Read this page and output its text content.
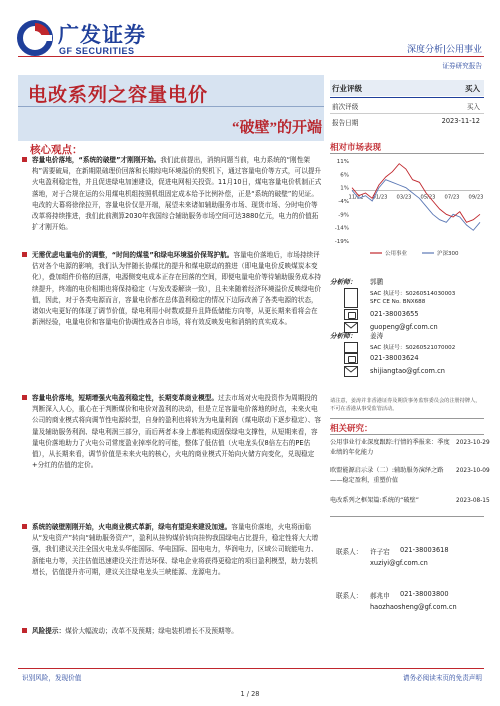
广发证券
GF SECURITIES	深度分析|公用事业
证券研究报告
电改系列之容量电价
“破壁”的开端
行业评级	买入
前次评级	买入
报告日期	2023-11-12
相对市场表现
11%
6%
1%
-4%
-9%
-14%
-19%
11/22 01/23 03/23 05/23 07/23 09/23
公用事业	沪深300
分析师： 郭鹏
SAC 执证号：S0260514030003
SFC CE No. BNX688
021-38003655
guopeng@gf.com.cn
分析师： 姜涛
SAC 执证号：S0260521070002
021-38003624
shijiangtao@gf.com.cn
请注意，姜涛并非香港证券及期货事务监察委员会的注册持牌人，不可在香港从事受监管活动。
相关研究：
公用事业行业深度跟踪:行情的季报来：季度业绩的年化能力
2023-10-29
欧盟能源启示录（二）:辅助服务演绎之路——稳定盈利，重塑价值
2023-10-09
电改系列之框架篇:系统的“破壁”	2023-08-15
联系人： 许子宕 021-38003618
xuziyi@gf.com.cn
联系人： 郝兆申 021-38003800
haozhaosheng@gf.com.cn
核心观点：

容量电价落地，“系统的破壁”才刚刚开始。我们此前提出，消纳问题当前，电力系统的“刚性架构”需要破局，在新期限础理价回落和长期综电环境溢价的契机下，通过容量电价等方式，可以提升火电盈利稳定性，并且促进绿电加速建设，促进电网相关投资。11月10日，煤电容量电价机制正式落地，对于合规在运的公用煤电机组按照机组固定成本给予比例补偿，正是“系统的破壁”的见证。电改的大幕将徐徐拉开，容量电价仅是开端，展望未来诸如辅助服务市场、现货市场、分时电价等改革将持续推进，我们此前测算2030年我国综合辅助服务市场空间可达3880亿元，电力的价值拓扩才刚开始。

无需优虑电量电价的调整，“时间的煤毯”和绿电环境溢价保驾护航。容量电价落地后，市场持续评估对各个电源的影响，我们认为伴随长协煤比的提升和煤电联动的推进（即电量电价反映煤炭本变化），叠加组件价格的回落，电源侧变电成本正存在回落的空间，即便电量电价等待辅助服务成本持续提升，终端的电价相期也将保持稳定（与发改委解读一致），且未来随着经济环境溢价反映绿电价值，因此，对于各类电源而言，容量电价都在总体盈利稳定的情况下边际改善了各类电源的状态，诸如火电更好的体现了调节价值，绿电利用小时数或提升且降低储能方向等，从更长期来看将会在新洲经验，电量电价和容量电价协调性成各自市场，将有效反映发电和消纳的真实成本。

容量电价落地，短期增强火电盈利稳定性，长期变革商业模型。过去市场对火电投资作为周期投的判断深入人心，重心在于判断煤价和电价对盈利的决动，但是立足容量电价落地的时点，未来火电公司的商业模式将向调节性电源转型，自身的盈利也将转为为电量利润（煤电联动下逐步稳定）、容量及辅助服务利润、绿电利润三部分，而后两者本身上都能构成固保绿电支撑性，从短期来看，容量电价落地助力了火电公司常度盈业掉率化的可能，整体了低估值（火电龙头仅8倍左右的PE估值），从长期来看，调节价值是未来火电的核心，火电的商业模式开始向火储方向变化，兑现稳定+分红的估值的定价。

系统的破壁刚刚开始，火电商业模式革新，绿电有望迎来建设加速。容量电价落地，火电将面临从“发电资产”转向“辅助服务资产”，盈利从挂钩煤价转向挂钩我国绿电占比提升，稳定性将大大增强，我们建议关注全国火电龙头华能国际、华电国际、国电电力，华润电力，区域公司皖能电力、浙能电力等，关注估值迅速建设关注青达环保、绿电企业将获得更稳定的项目盈利模型，助力装机增长，估值提升亦可期，建议关注绿电龙头三峡能源、龙源电力。

风险提示：煤价大幅波动；改革不及预期；绿电装机增长不及预期等。

识别风险，发现价值	请务必阅读末页的免责声明
1 / 28
